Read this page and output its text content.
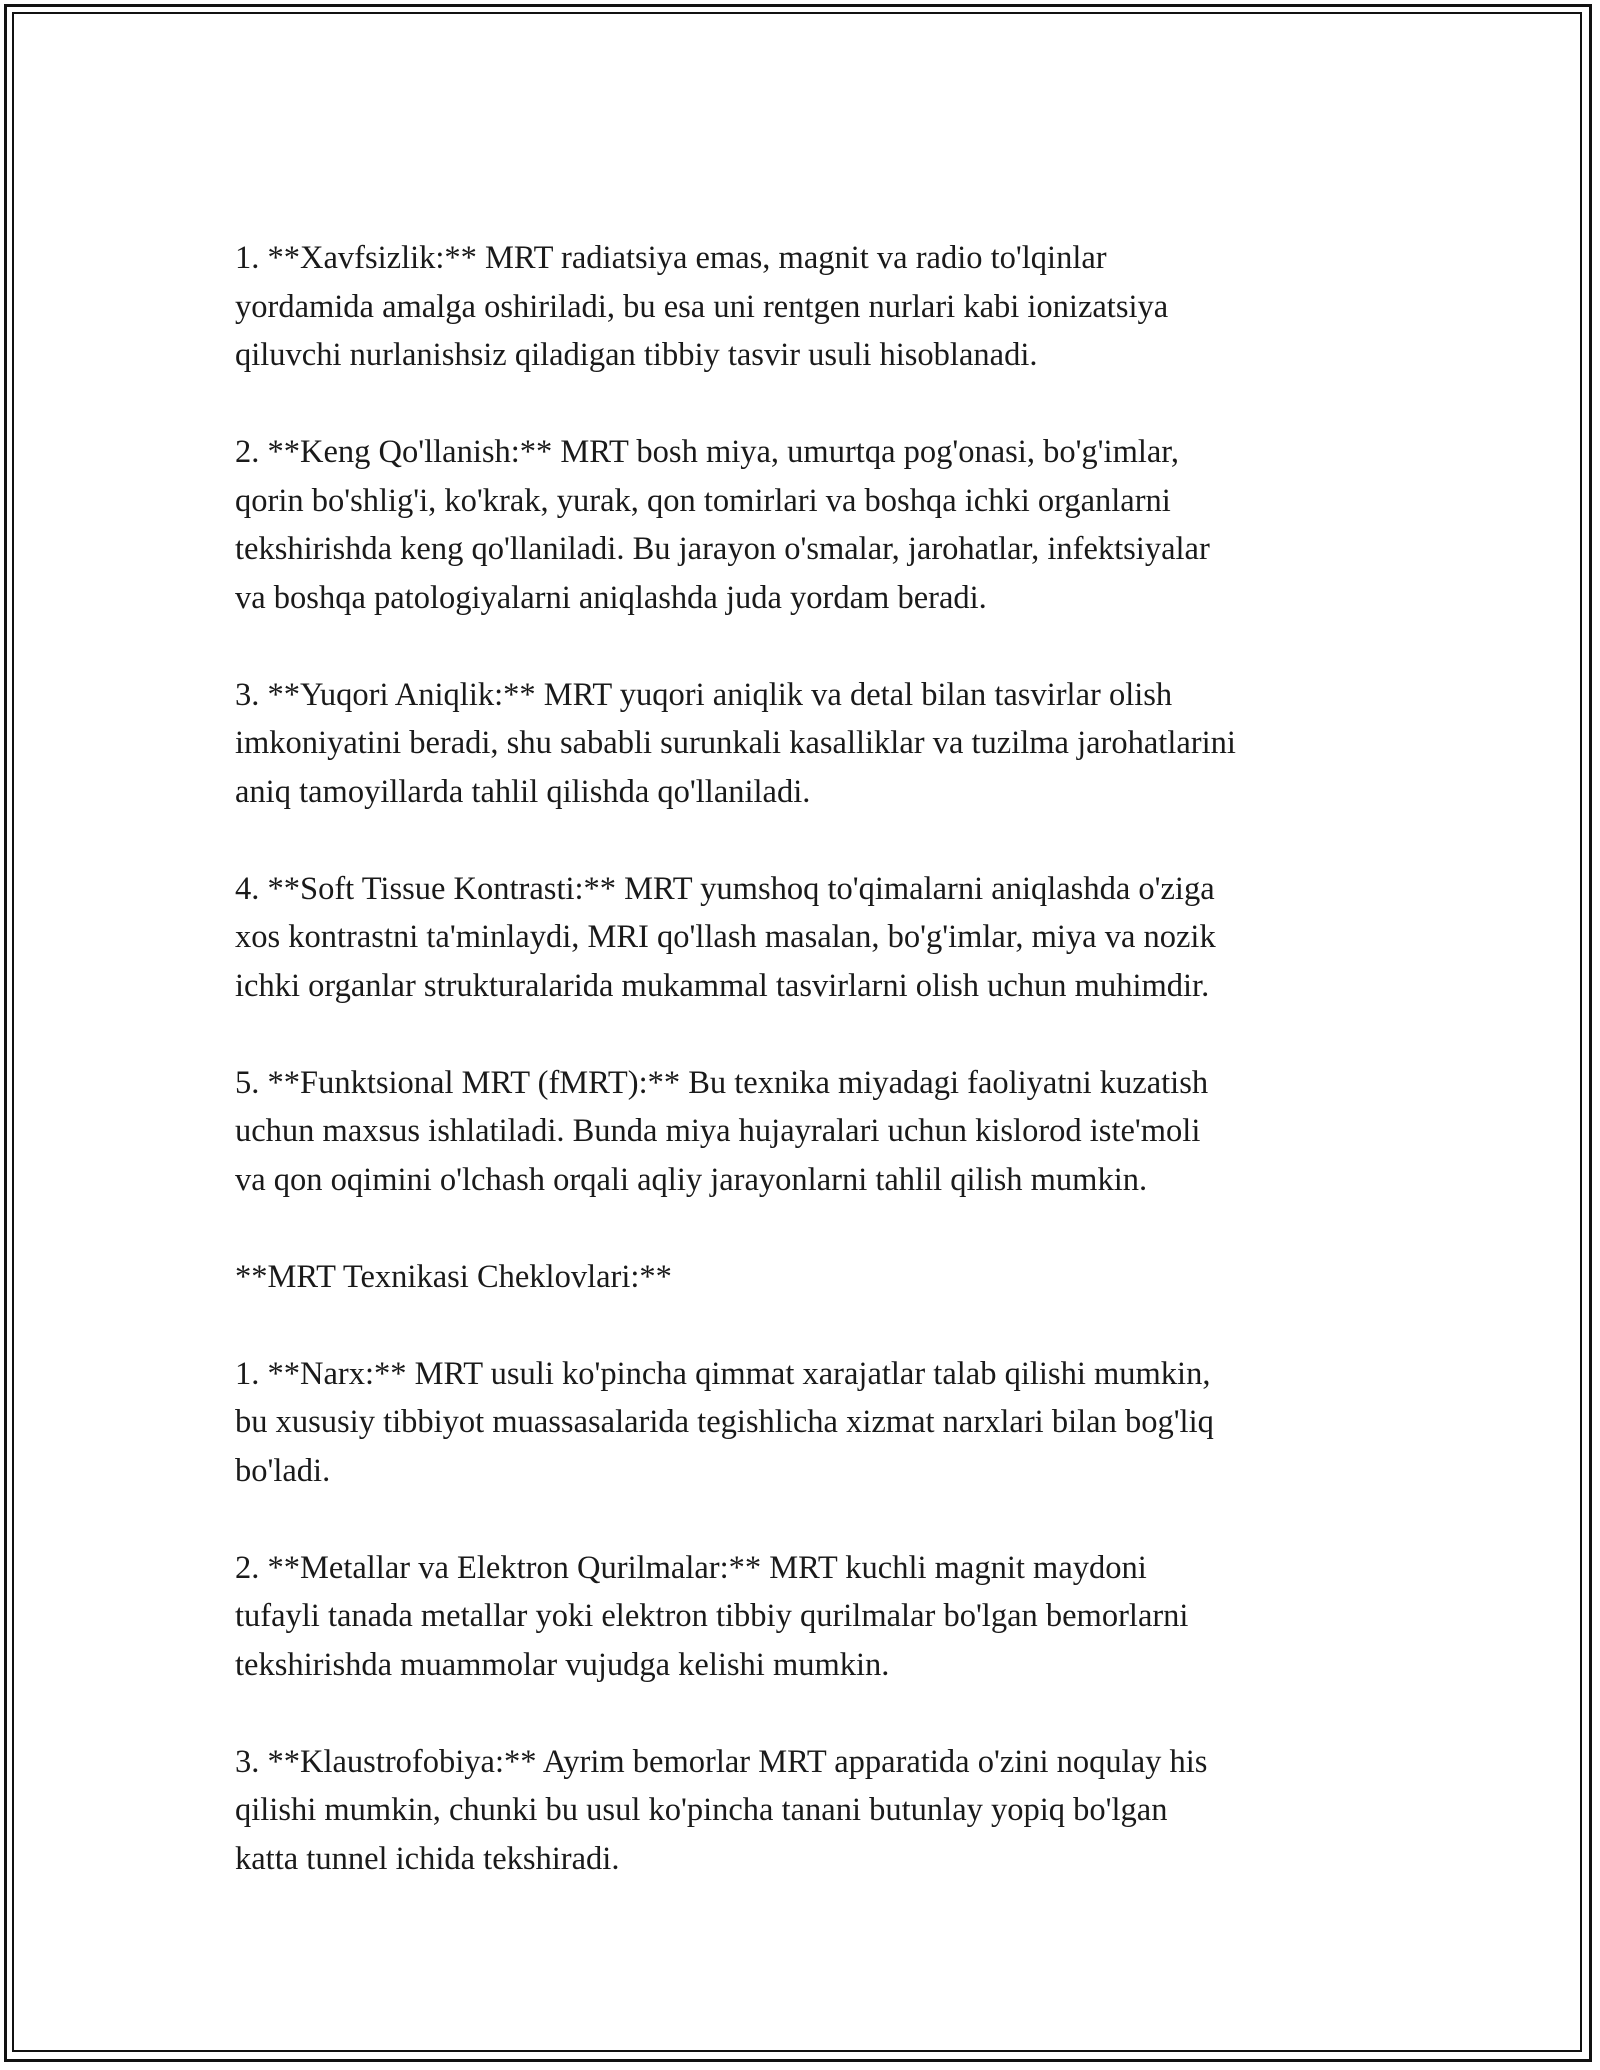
1. **Xavfsizlik:** MRT radiatsiya emas, magnit va radio to'lqinlar
yordamida amalga oshiriladi, bu esa uni rentgen nurlari kabi ionizatsiya
qiluvchi nurlanishsiz qiladigan tibbiy tasvir usuli hisoblanadi.

2. **Keng Qo'llanish:** MRT bosh miya, umurtqa pog'onasi, bo'g'imlar,
qorin bo'shlig'i, ko'krak, yurak, qon tomirlari va boshqa ichki organlarni
tekshirishda keng qo'llaniladi. Bu jarayon o'smalar, jarohatlar, infektsiyalar
va boshqa patologiyalarni aniqlashda juda yordam beradi.

3. **Yuqori Aniqlik:** MRT yuqori aniqlik va detal bilan tasvirlar olish
imkoniyatini beradi, shu sababli surunkali kasalliklar va tuzilma jarohatlarini
aniq tamoyillarda tahlil qilishda qo'llaniladi.

4. **Soft Tissue Kontrasti:** MRT yumshoq to'qimalarni aniqlashda o'ziga
xos kontrastni ta'minlaydi, MRI qo'llash masalan, bo'g'imlar, miya va nozik
ichki organlar strukturalarida mukammal tasvirlarni olish uchun muhimdir.

5. **Funktsional MRT (fMRT):** Bu texnika miyadagi faoliyatni kuzatish
uchun maxsus ishlatiladi. Bunda miya hujayralari uchun kislorod iste'moli
va qon oqimini o'lchash orqali aqliy jarayonlarni tahlil qilish mumkin.

**MRT Texnikasi Cheklovlari:**

1. **Narx:** MRT usuli ko'pincha qimmat xarajatlar talab qilishi mumkin,
bu xususiy tibbiyot muassasalarida tegishlicha xizmat narxlari bilan bog'liq
bo'ladi.

2. **Metallar va Elektron Qurilmalar:** MRT kuchli magnit maydoni
tufayli tanada metallar yoki elektron tibbiy qurilmalar bo'lgan bemorlarni
tekshirishda muammolar vujudga kelishi mumkin.

3. **Klaustrofobiya:** Ayrim bemorlar MRT apparatida o'zini noqulay his
qilishi mumkin, chunki bu usul ko'pincha tanani butunlay yopiq bo'lgan
katta tunnel ichida tekshiradi.
